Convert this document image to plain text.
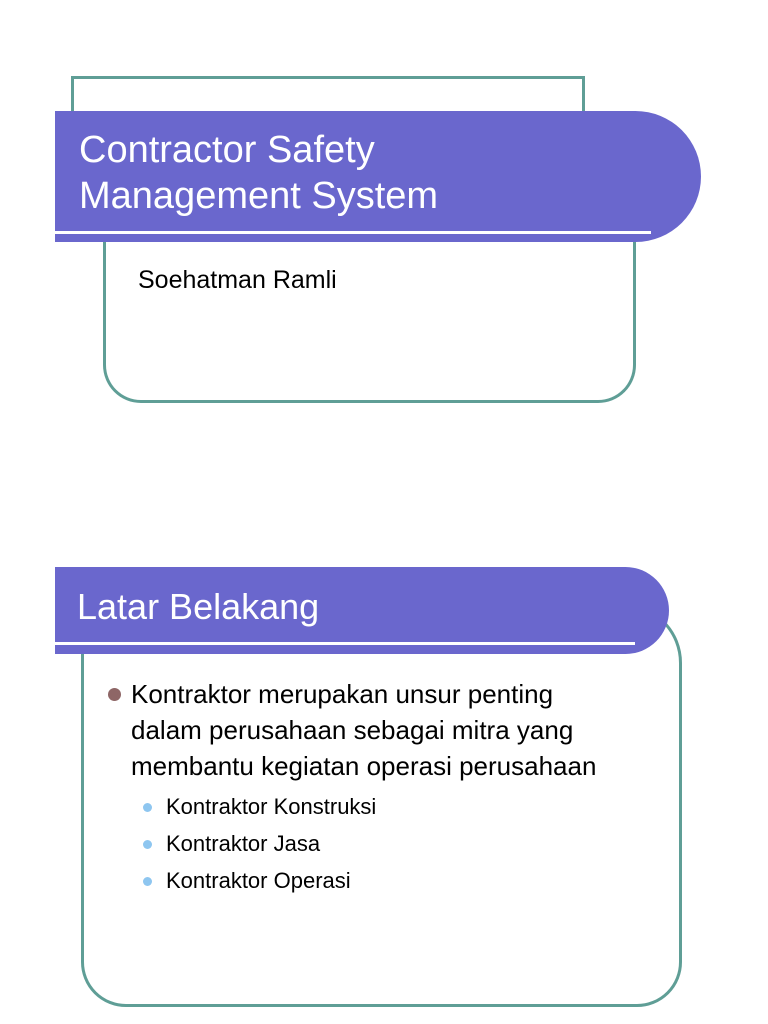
Contractor Safety
Management System

Soehatman Ramli

Latar Belakang

Kontraktor merupakan unsur penting
dalam perusahaan sebagai mitra yang
membantu kegiatan operasi perusahaan

Kontraktor Konstruksi
Kontraktor Jasa
Kontraktor Operasi
